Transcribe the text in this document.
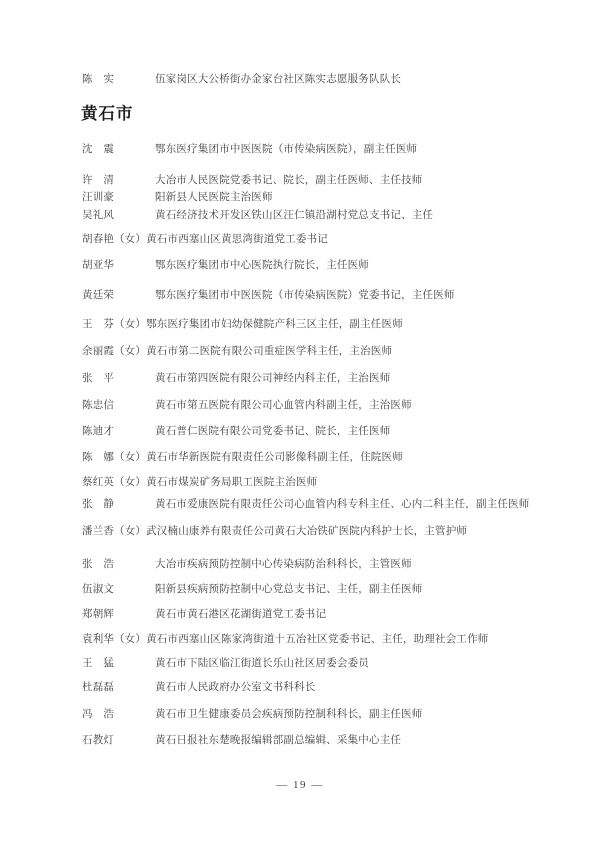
陈　实	伍家岗区大公桥街办金家台社区陈实志愿服务队队长
沈　震	鄂东医疗集团市中医医院（市传染病医院），副主任医师
许　清	大冶市人民医院党委书记、院长，副主任医师、主任技师
汪训豪	阳新县人民医院主治医师
吴礼风	黄石经济技术开发区铁山区汪仁镇沿湖村党总支书记、主任
胡春艳（女）黄石市西塞山区黄思湾街道党工委书记
胡亚华	鄂东医疗集团市中心医院执行院长，主任医师
黄廷荣	鄂东医疗集团市中医医院（市传染病医院）党委书记，主任医师
王　芬（女）鄂东医疗集团市妇幼保健院产科三区主任，副主任医师
余丽霞（女）黄石市第二医院有限公司重症医学科主任，主治医师
张　平	黄石市第四医院有限公司神经内科主任，主治医师
陈忠信	黄石市第五医院有限公司心血管内科副主任，主治医师
陈迪才	黄石普仁医院有限公司党委书记、院长，主任医师
陈　娜（女）黄石市华新医院有限责任公司影像科副主任，住院医师
蔡红英（女）黄石市煤炭矿务局职工医院主治医师
张　静	黄石市爱康医院有限责任公司心血管内科专科主任、心内二科主任，副主任医师
潘兰香（女）武汉楠山康养有限责任公司黄石大冶铁矿医院内科护士长，主管护师
张　浩	大冶市疾病预防控制中心传染病防治科科长，主管医师
伍淑文	阳新县疾病预防控制中心党总支书记、主任，副主任医师
郑朝辉	黄石市黄石港区花湖街道党工委书记
袁利华（女）黄石市西塞山区陈家湾街道十五冶社区党委书记、主任，助理社会工作师
王　猛	黄石市下陆区临江街道长乐山社区居委会委员
杜磊磊	黄石市人民政府办公室文书科科长
冯　浩	黄石市卫生健康委员会疾病预防控制科科长，副主任医师
石教灯	黄石日报社东楚晚报编辑部副总编辑、采集中心主任
黄石市
— 19 —
